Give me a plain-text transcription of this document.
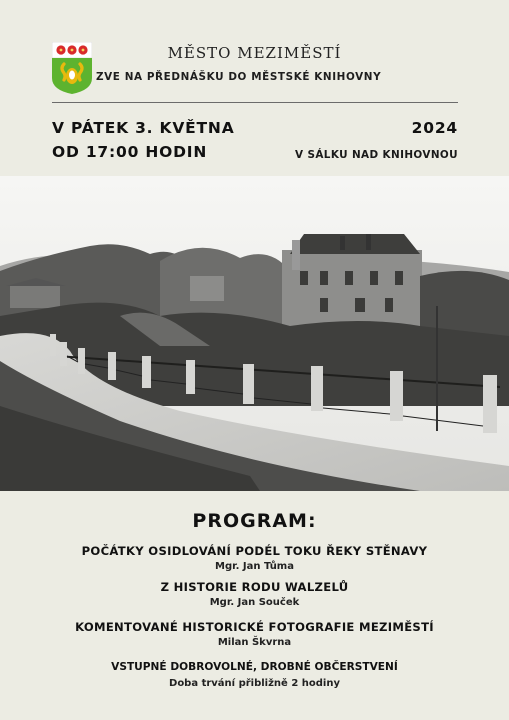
MĚSTO MEZIMĚSTÍ
ZVE NA PŘEDNÁŠKU DO MĚSTSKÉ KNIHOVNY
V PÁTEK 3. KVĚTNA	2024
OD 17:00 HODIN	V SÁLKU NAD KNIHOVNOU
PROGRAM:
POČÁTKY OSIDLOVÁNÍ PODÉL TOKU ŘEKY STĚNAVY
Mgr. Jan Tůma
Z HISTORIE RODU WALZELŮ
Mgr. Jan Souček
KOMENTOVANÉ HISTORICKÉ FOTOGRAFIE MEZIMĚSTÍ
Milan Škvrna
VSTUPNÉ DOBROVOLNÉ, DROBNÉ OBČERSTVENÍ
Doba trvání přibližně 2 hodiny
